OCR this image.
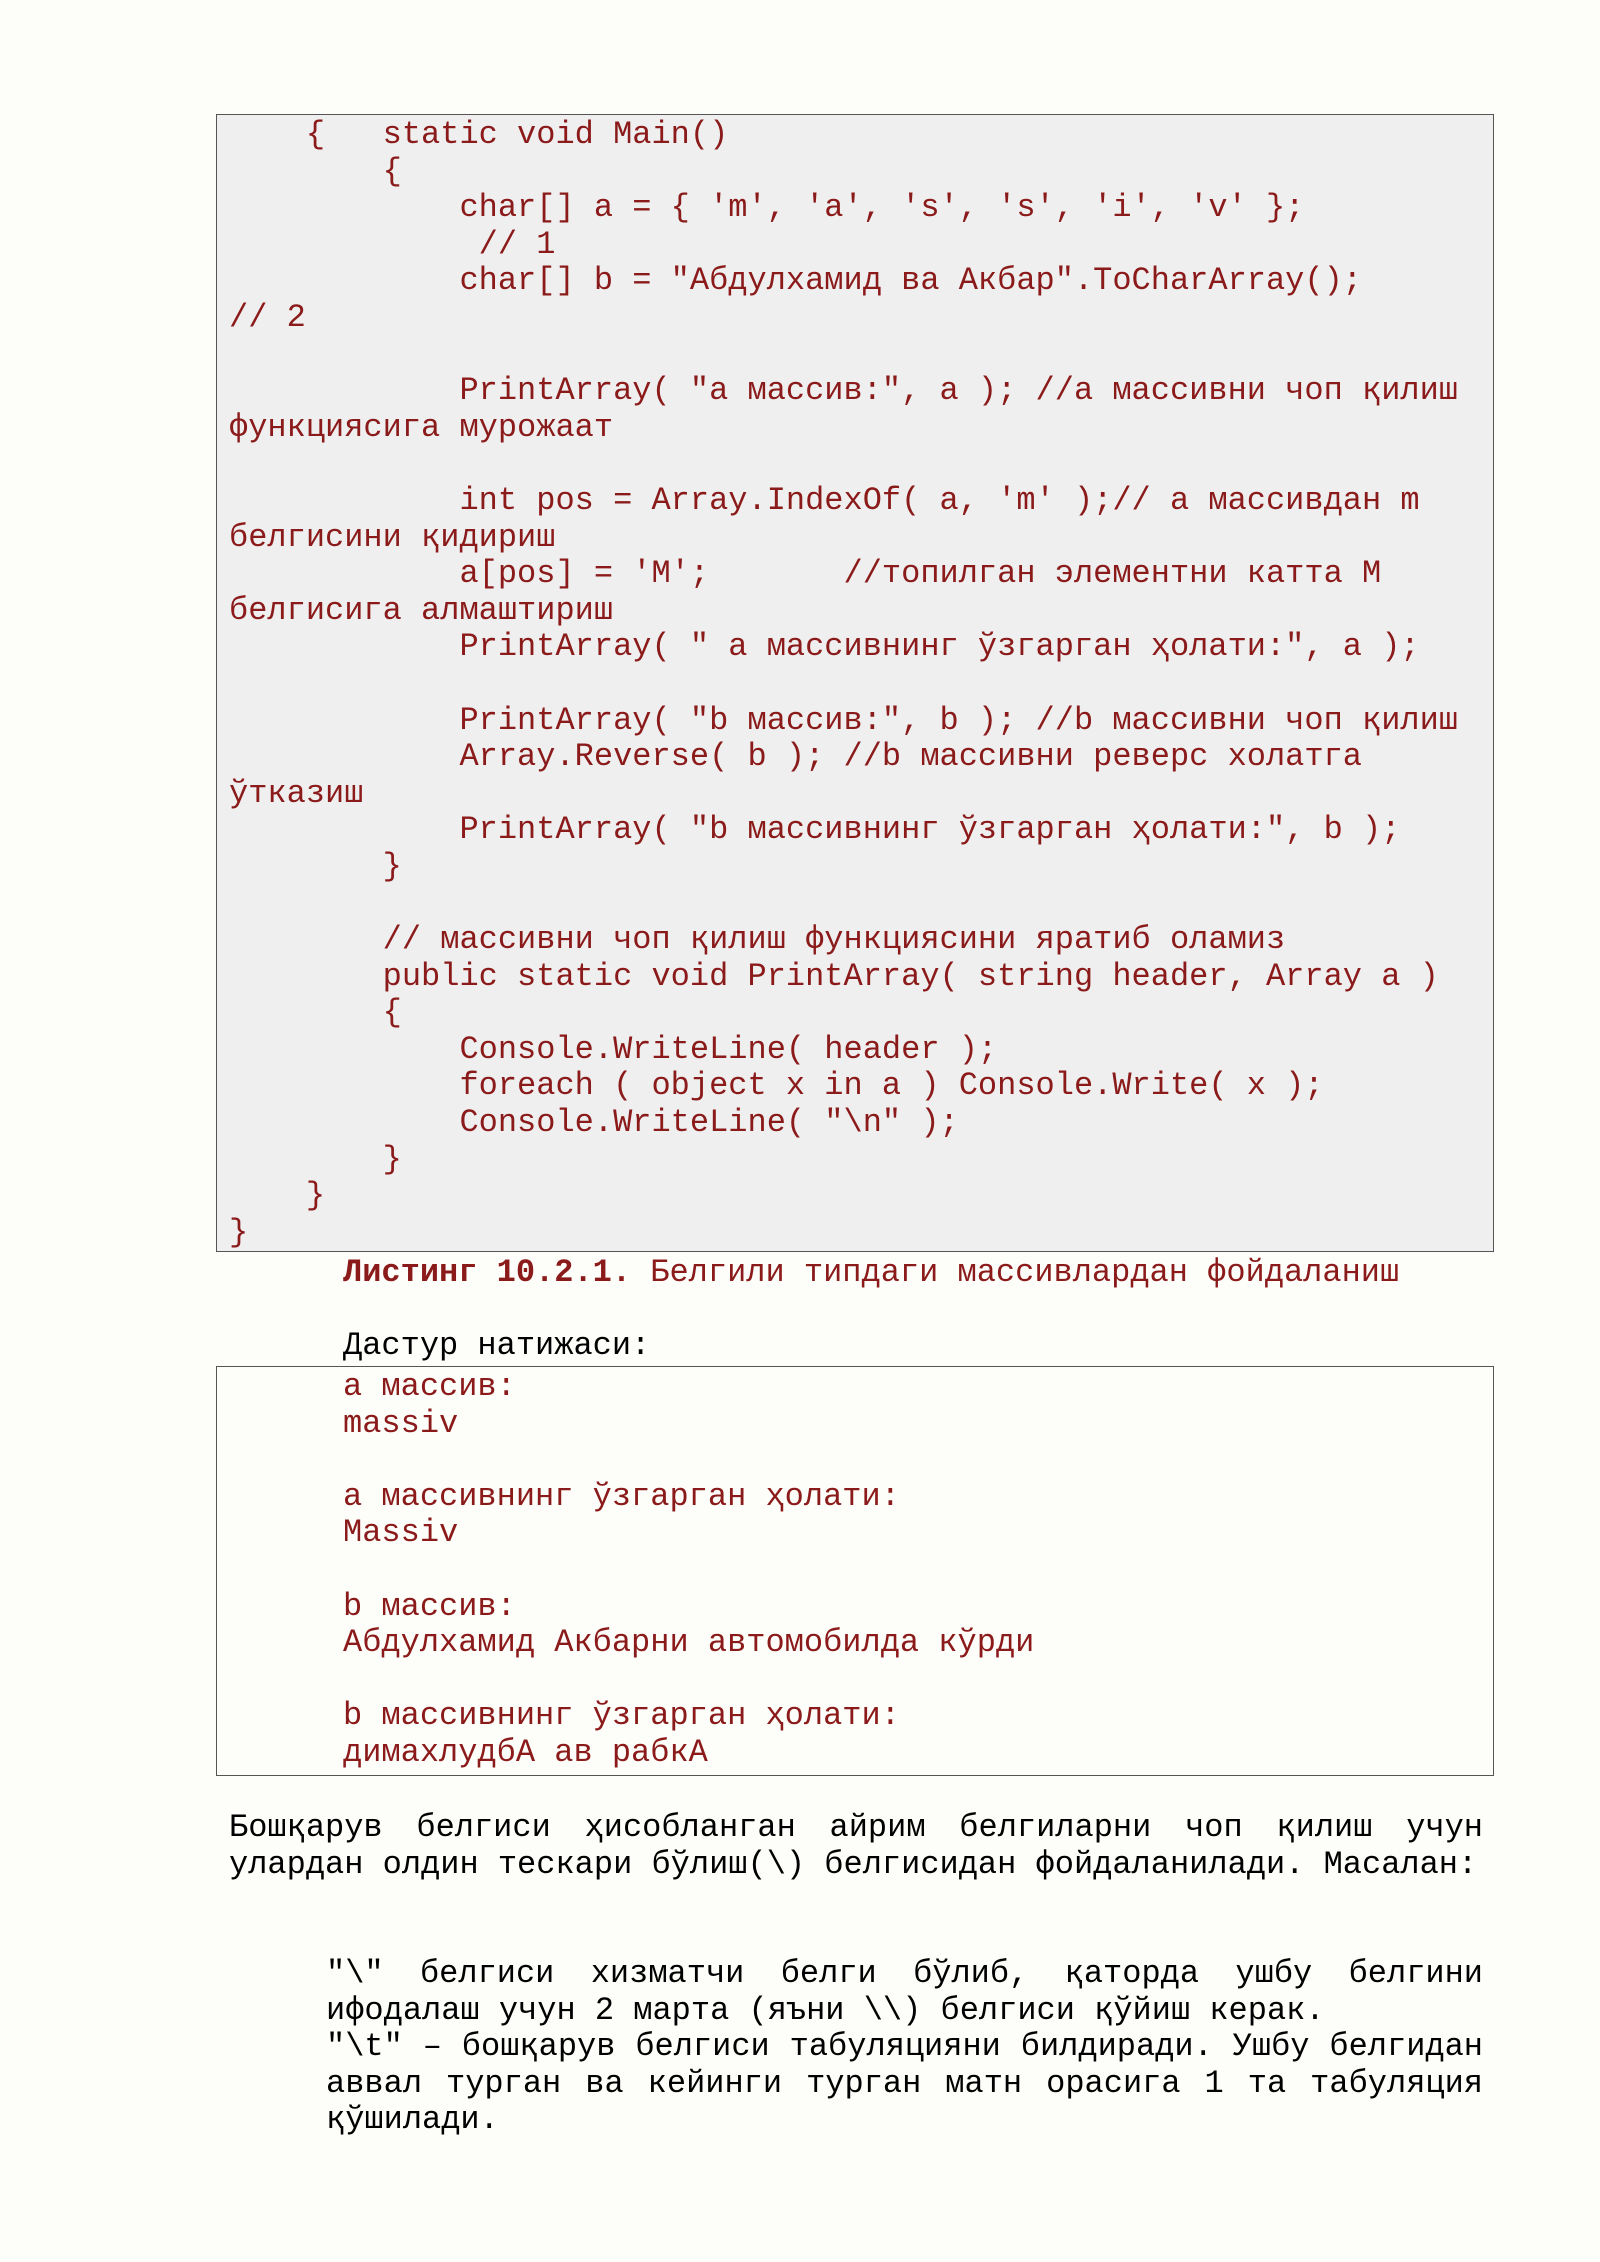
{   static void Main()
{
char[] a = { 'm', 'a', 's', 's', 'i', 'v' };
// 1
char[] b = "Абдулхамид ва Акбар".ToCharArray();
// 2

PrintArray( "a массив:", a ); //a массивни чоп қилиш
функциясига мурожаат

int pos = Array.IndexOf( a, 'm' );// a массивдан m
белгисини қидириш
a[pos] = 'M';       //топилган элементни катта M
белгисига алмаштириш
PrintArray( " a массивнинг ўзгарган ҳолати:", a );

PrintArray( "b массив:", b ); //b массивни чоп қилиш
Array.Reverse( b ); //b массивни реверс холатга
ўтказиш
PrintArray( "b массивнинг ўзгарган ҳолати:", b );
}

// массивни чоп қилиш функциясини яратиб оламиз
public static void PrintArray( string header, Array a )
{
Console.WriteLine( header );
foreach ( object x in a ) Console.Write( x );
Console.WriteLine( "\n" );
}
}
}
Листинг 10.2.1. Белгили типдаги массивлардан фойдаланиш
Дастур натижаси:
a массив:
massiv

a массивнинг ўзгарган ҳолати:
Massiv

b массив:
Абдулхамид Акбарни автомобилда кўрди

b массивнинг ўзгарган ҳолати:
димахлудбА ав рабкА

Бошқарув белгиси ҳисобланган айрим белгиларни чоп қилиш учун улардан олдин тескари бўлиш(\) белгисидан фойдаланилади. Масалан:

"\" белгиси хизматчи белги бўлиб, қаторда ушбу белгини ифодалаш учун 2 марта (яъни \\) белгиси қўйиш керак.

"\t" – бошқарув белгиси табуляцияни билдиради. Ушбу белгидан аввал турган ва кейинги турган матн орасига 1 та табуляция қўшилади.
